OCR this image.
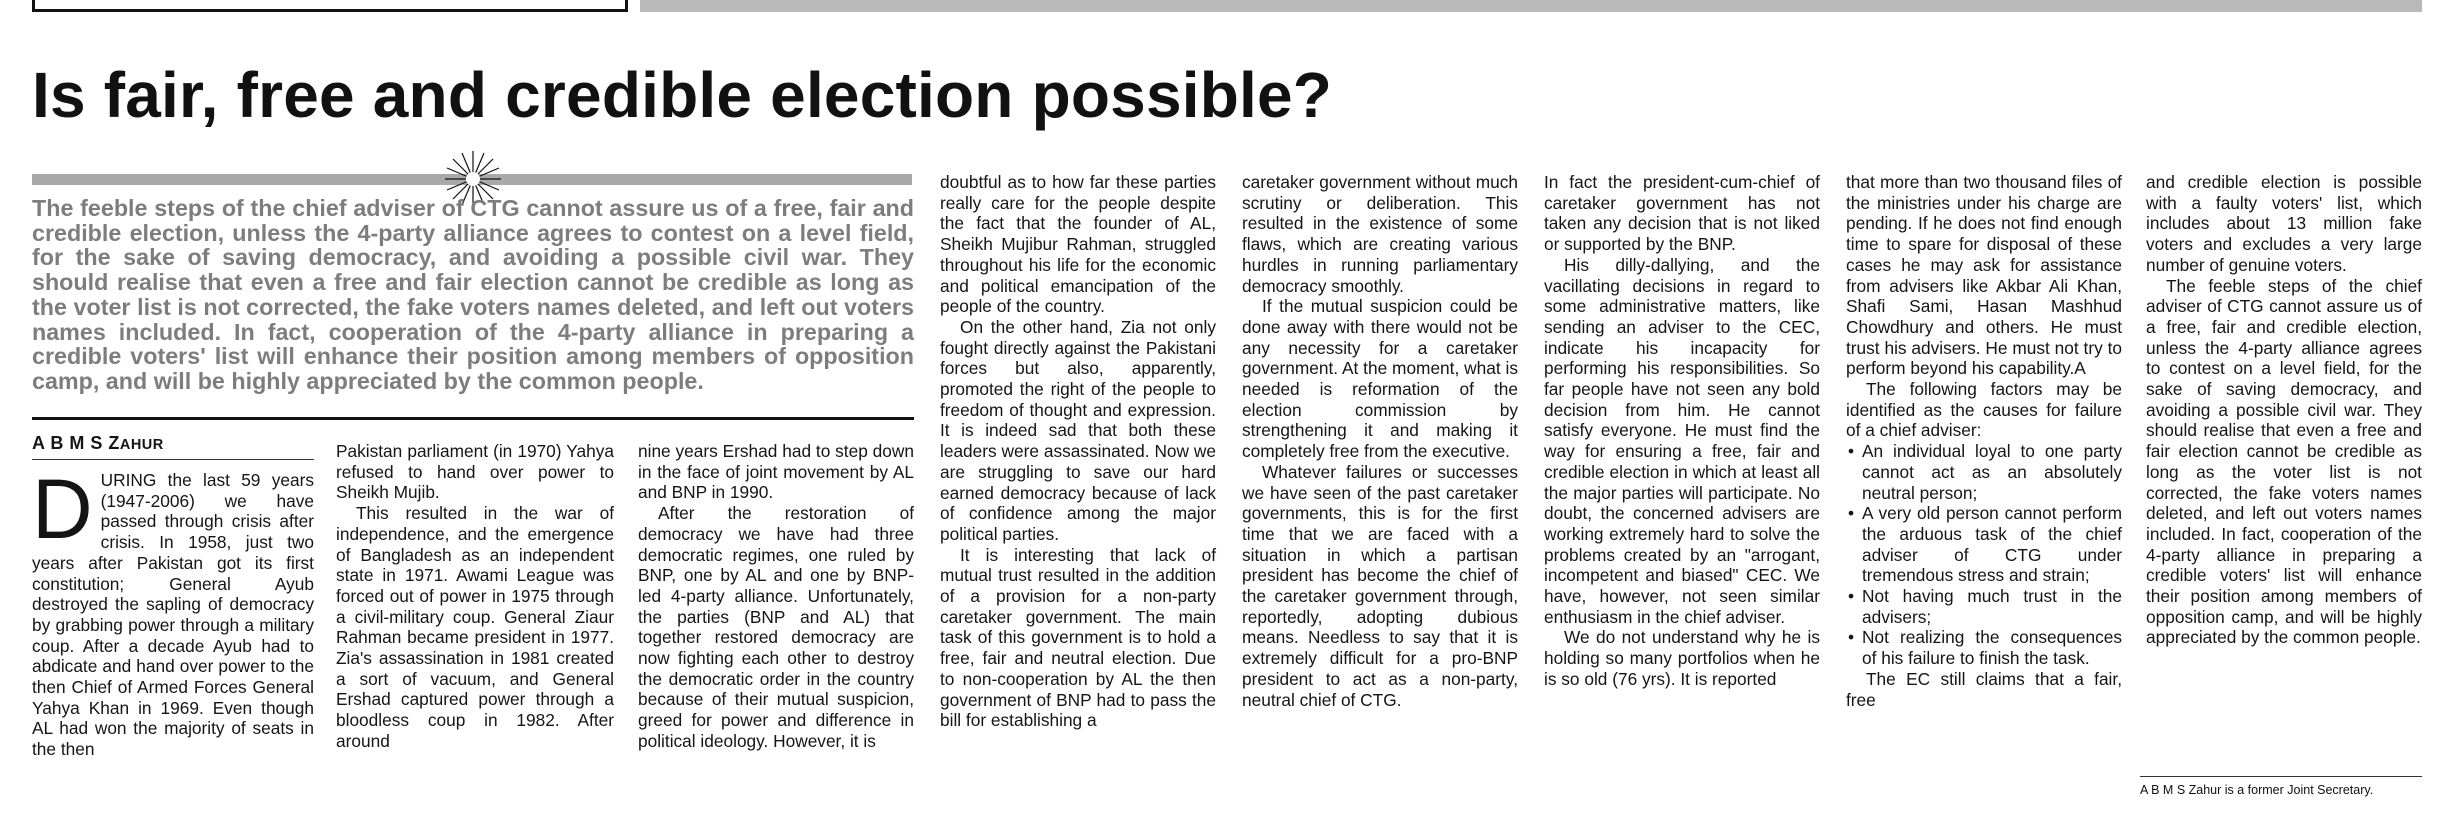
Is fair, free and credible election possible?

The feeble steps of the chief adviser of CTG cannot assure us of a free, fair and credible election, unless the 4-party alliance agrees to contest on a level field, for the sake of saving democracy, and avoiding a possible civil war. They should realise that even a free and fair election cannot be credible as long as the voter list is not corrected, the fake voters names deleted, and left out voters names included. In fact, cooperation of the 4-party alliance in preparing a credible voters' list will enhance their position among members of opposition camp, and will be highly appreciated by the common people.

A B M S ZAHUR
D URING the last 59 years (1947-2006) we have passed through crisis after crisis. In 1958, just two years after Pakistan got its first constitution; General Ayub destroyed the sapling of democracy by grabbing power through a military coup. After a decade Ayub had to abdicate and hand over power to the then Chief of Armed Forces General Yahya Khan in 1969. Even though AL had won the majority of seats in the then

Pakistan parliament (in 1970) Yahya refused to hand over power to Sheikh Mujib.

This resulted in the war of independence, and the emergence of Bangladesh as an independent state in 1971. Awami League was forced out of power in 1975 through a civil-military coup. General Ziaur Rahman became president in 1977. Zia's assassination in 1981 created a sort of vacuum, and General Ershad captured power through a bloodless coup in 1982. After around

nine years Ershad had to step down in the face of joint movement by AL and BNP in 1990.

After the restoration of democracy we have had three democratic regimes, one ruled by BNP, one by AL and one by BNP-led 4-party alliance. Unfortunately, the parties (BNP and AL) that together restored democracy are now fighting each other to destroy the democratic order in the country because of their mutual suspicion, greed for power and difference in political ideology. However, it is

doubtful as to how far these parties really care for the people despite the fact that the founder of AL, Sheikh Mujibur Rahman, struggled throughout his life for the economic and political emancipation of the people of the country.

On the other hand, Zia not only fought directly against the Pakistani forces but also, apparently, promoted the right of the people to freedom of thought and expression. It is indeed sad that both these leaders were assassinated. Now we are struggling to save our hard earned democracy because of lack of confidence among the major political parties.

It is interesting that lack of mutual trust resulted in the addition of a provision for a non-party caretaker government. The main task of this government is to hold a free, fair and neutral election. Due to non-cooperation by AL the then government of BNP had to pass the bill for establishing a

caretaker government without much scrutiny or deliberation. This resulted in the existence of some flaws, which are creating various hurdles in running parliamentary democracy smoothly.

If the mutual suspicion could be done away with there would not be any necessity for a caretaker government. At the moment, what is needed is reformation of the election commission by strengthening it and making it completely free from the executive.

Whatever failures or successes we have seen of the past caretaker governments, this is for the first time that we are faced with a situation in which a partisan president has become the chief of the caretaker government through, reportedly, adopting dubious means. Needless to say that it is extremely difficult for a pro-BNP president to act as a non-party, neutral chief of CTG.

In fact the president-cum-chief of caretaker government has not taken any decision that is not liked or supported by the BNP.

His dilly-dallying, and the vacillating decisions in regard to some administrative matters, like sending an adviser to the CEC, indicate his incapacity for performing his responsibilities. So far people have not seen any bold decision from him. He cannot satisfy everyone. He must find the way for ensuring a free, fair and credible election in which at least all the major parties will participate. No doubt, the concerned advisers are working extremely hard to solve the problems created by an "arrogant, incompetent and biased" CEC. We have, however, not seen similar enthusiasm in the chief adviser.

We do not understand why he is holding so many portfolios when he is so old (76 yrs). It is reported

that more than two thousand files of the ministries under his charge are pending. If he does not find enough time to spare for disposal of these cases he may ask for assistance from advisers like Akbar Ali Khan, Shafi Sami, Hasan Mashhud Chowdhury and others. He must trust his advisers. He must not try to perform beyond his capability.A

The following factors may be identified as the causes for failure of a chief adviser:

• An individual loyal to one party cannot act as an absolutely neutral person;
• A very old person cannot perform the arduous task of the chief adviser of CTG under tremendous stress and strain;
• Not having much trust in the advisers;
• Not realizing the consequences of his failure to finish the task.

The EC still claims that a fair, free

and credible election is possible with a faulty voters' list, which includes about 13 million fake voters and excludes a very large number of genuine voters.

The feeble steps of the chief adviser of CTG cannot assure us of a free, fair and credible election, unless the 4-party alliance agrees to contest on a level field, for the sake of saving democracy, and avoiding a possible civil war. They should realise that even a free and fair election cannot be credible as long as the voter list is not corrected, the fake voters names deleted, and left out voters names included. In fact, cooperation of the 4-party alliance in preparing a credible voters' list will enhance their position among members of opposition camp, and will be highly appreciated by the common people.

A B M S Zahur is a former Joint Secretary.
